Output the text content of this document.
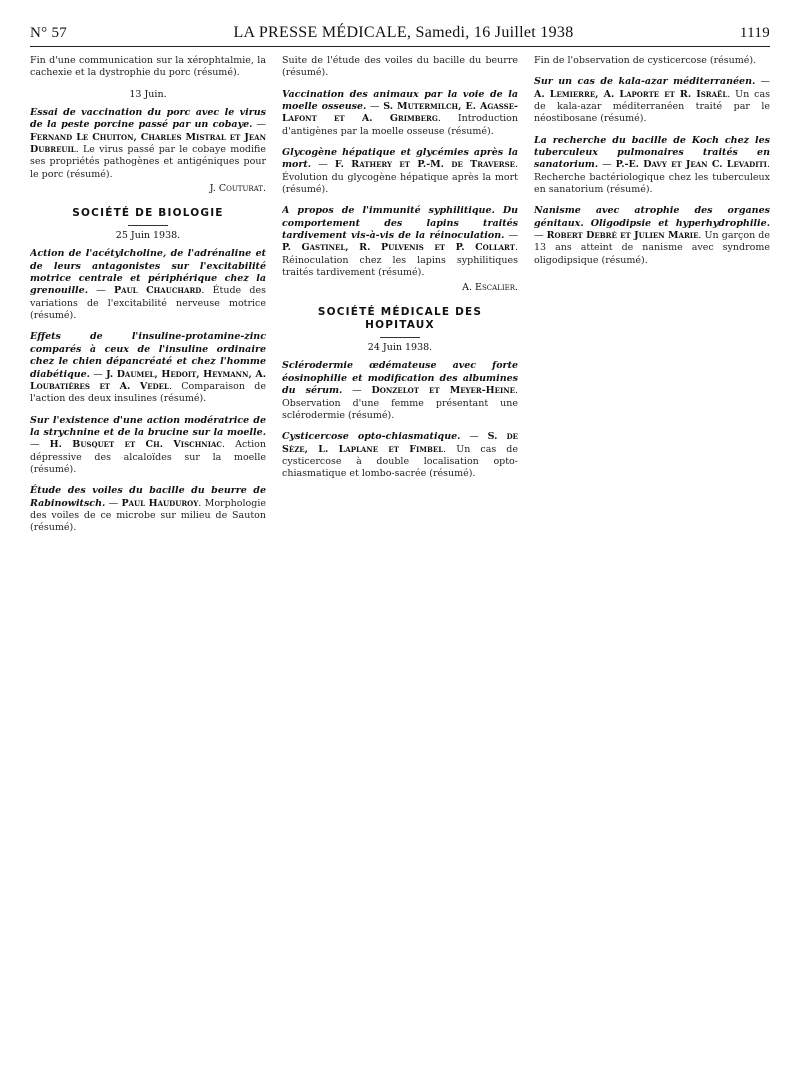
N° 57	LA PRESSE MÉDICALE, Samedi, 16 Juillet 1938	1119
Fin d'une communication sur la xérophtalmie, la cachexie et la dystrophie du porc (résumé).
13 Juin.
Essai de vaccination du porc avec le virus de la peste porcine passé par un cobaye. — Fernand Le Chuiton, Charles Mistral et Jean Dubreuil. Le virus passé par le cobaye modifie ses propriétés pathogènes et antigéniques pour le porc (résumé).
J. Couturat.
SOCIÉTÉ DE BIOLOGIE
25 Juin 1938.
Action de l'acétylcholine, de l'adrénaline et de leurs antagonistes sur l'excitabilité motrice centrale et périphérique chez la grenouille. — Paul Chauchard. Étude des variations de l'excitabilité nerveuse motrice (résumé).
Effets de l'insuline-protamine-zinc comparés à ceux de l'insuline ordinaire chez le chien dépancréaté et chez l'homme diabétique. — J. Daumel, Hedoit, Heymann, A. Loubatières et A. Vedel. Comparaison de l'action des deux insulines (résumé).
Sur l'existence d'une action modératrice de la strychnine et de la brucine sur la moelle. — H. Busquet et Ch. Vischniac. Action dépressive des alcaloïdes sur la moelle (résumé).
Étude des voiles du bacille du beurre de Rabinowitsch. — Paul Hauduroy. Morphologie des voiles de ce microbe sur milieu de Sauton (résumé).
Suite de l'étude des voiles du bacille du beurre (résumé).
Vaccination des animaux par la voie de la moelle osseuse. — S. Mutermilch, E. Agasse-Lafont et A. Grimberg. Introduction d'antigènes par la moelle osseuse (résumé).
Glycogène hépatique et glycémies après la mort. — F. Rathery et P.-M. de Traverse. Évolution du glycogène hépatique après la mort (résumé).
A propos de l'immunité syphilitique. Du comportement des lapins traités tardivement vis-à-vis de la réinoculation. — P. Gastinel, R. Pulvenis et P. Collart. Réinoculation chez les lapins syphilitiques traités tardivement (résumé).
A. Escalier.
SOCIÉTÉ MÉDICALE DES HOPITAUX
24 Juin 1938.
Sclérodermie œdémateuse avec forte éosinophilie et modification des albumines du sérum. — Donzelot et Meyer-Heine. Observation d'une femme présentant une sclérodermie (résumé).
Cysticercose opto-chiasmatique. — S. de Sèze, L. Laplane et Fimbel. Un cas de cysticercose à double localisation opto-chiasmatique et lombo-sacrée (résumé).
Fin de l'observation de cysticercose (résumé).
Sur un cas de kala-azar méditerranéen. — A. Lemierre, A. Laporte et R. Israël. Un cas de kala-azar méditerranéen traité par le néostibosane (résumé).
La recherche du bacille de Koch chez les tuberculeux pulmonaires traités en sanatorium. — P.-E. Davy et Jean C. Levaditi. Recherche bactériologique chez les tuberculeux en sanatorium (résumé).
Nanisme avec atrophie des organes génitaux. Oligodipsie et hyperhydrophilie. — Robert Debré et Julien Marie. Un garçon de 13 ans atteint de nanisme avec syndrome oligodipsique (résumé).
